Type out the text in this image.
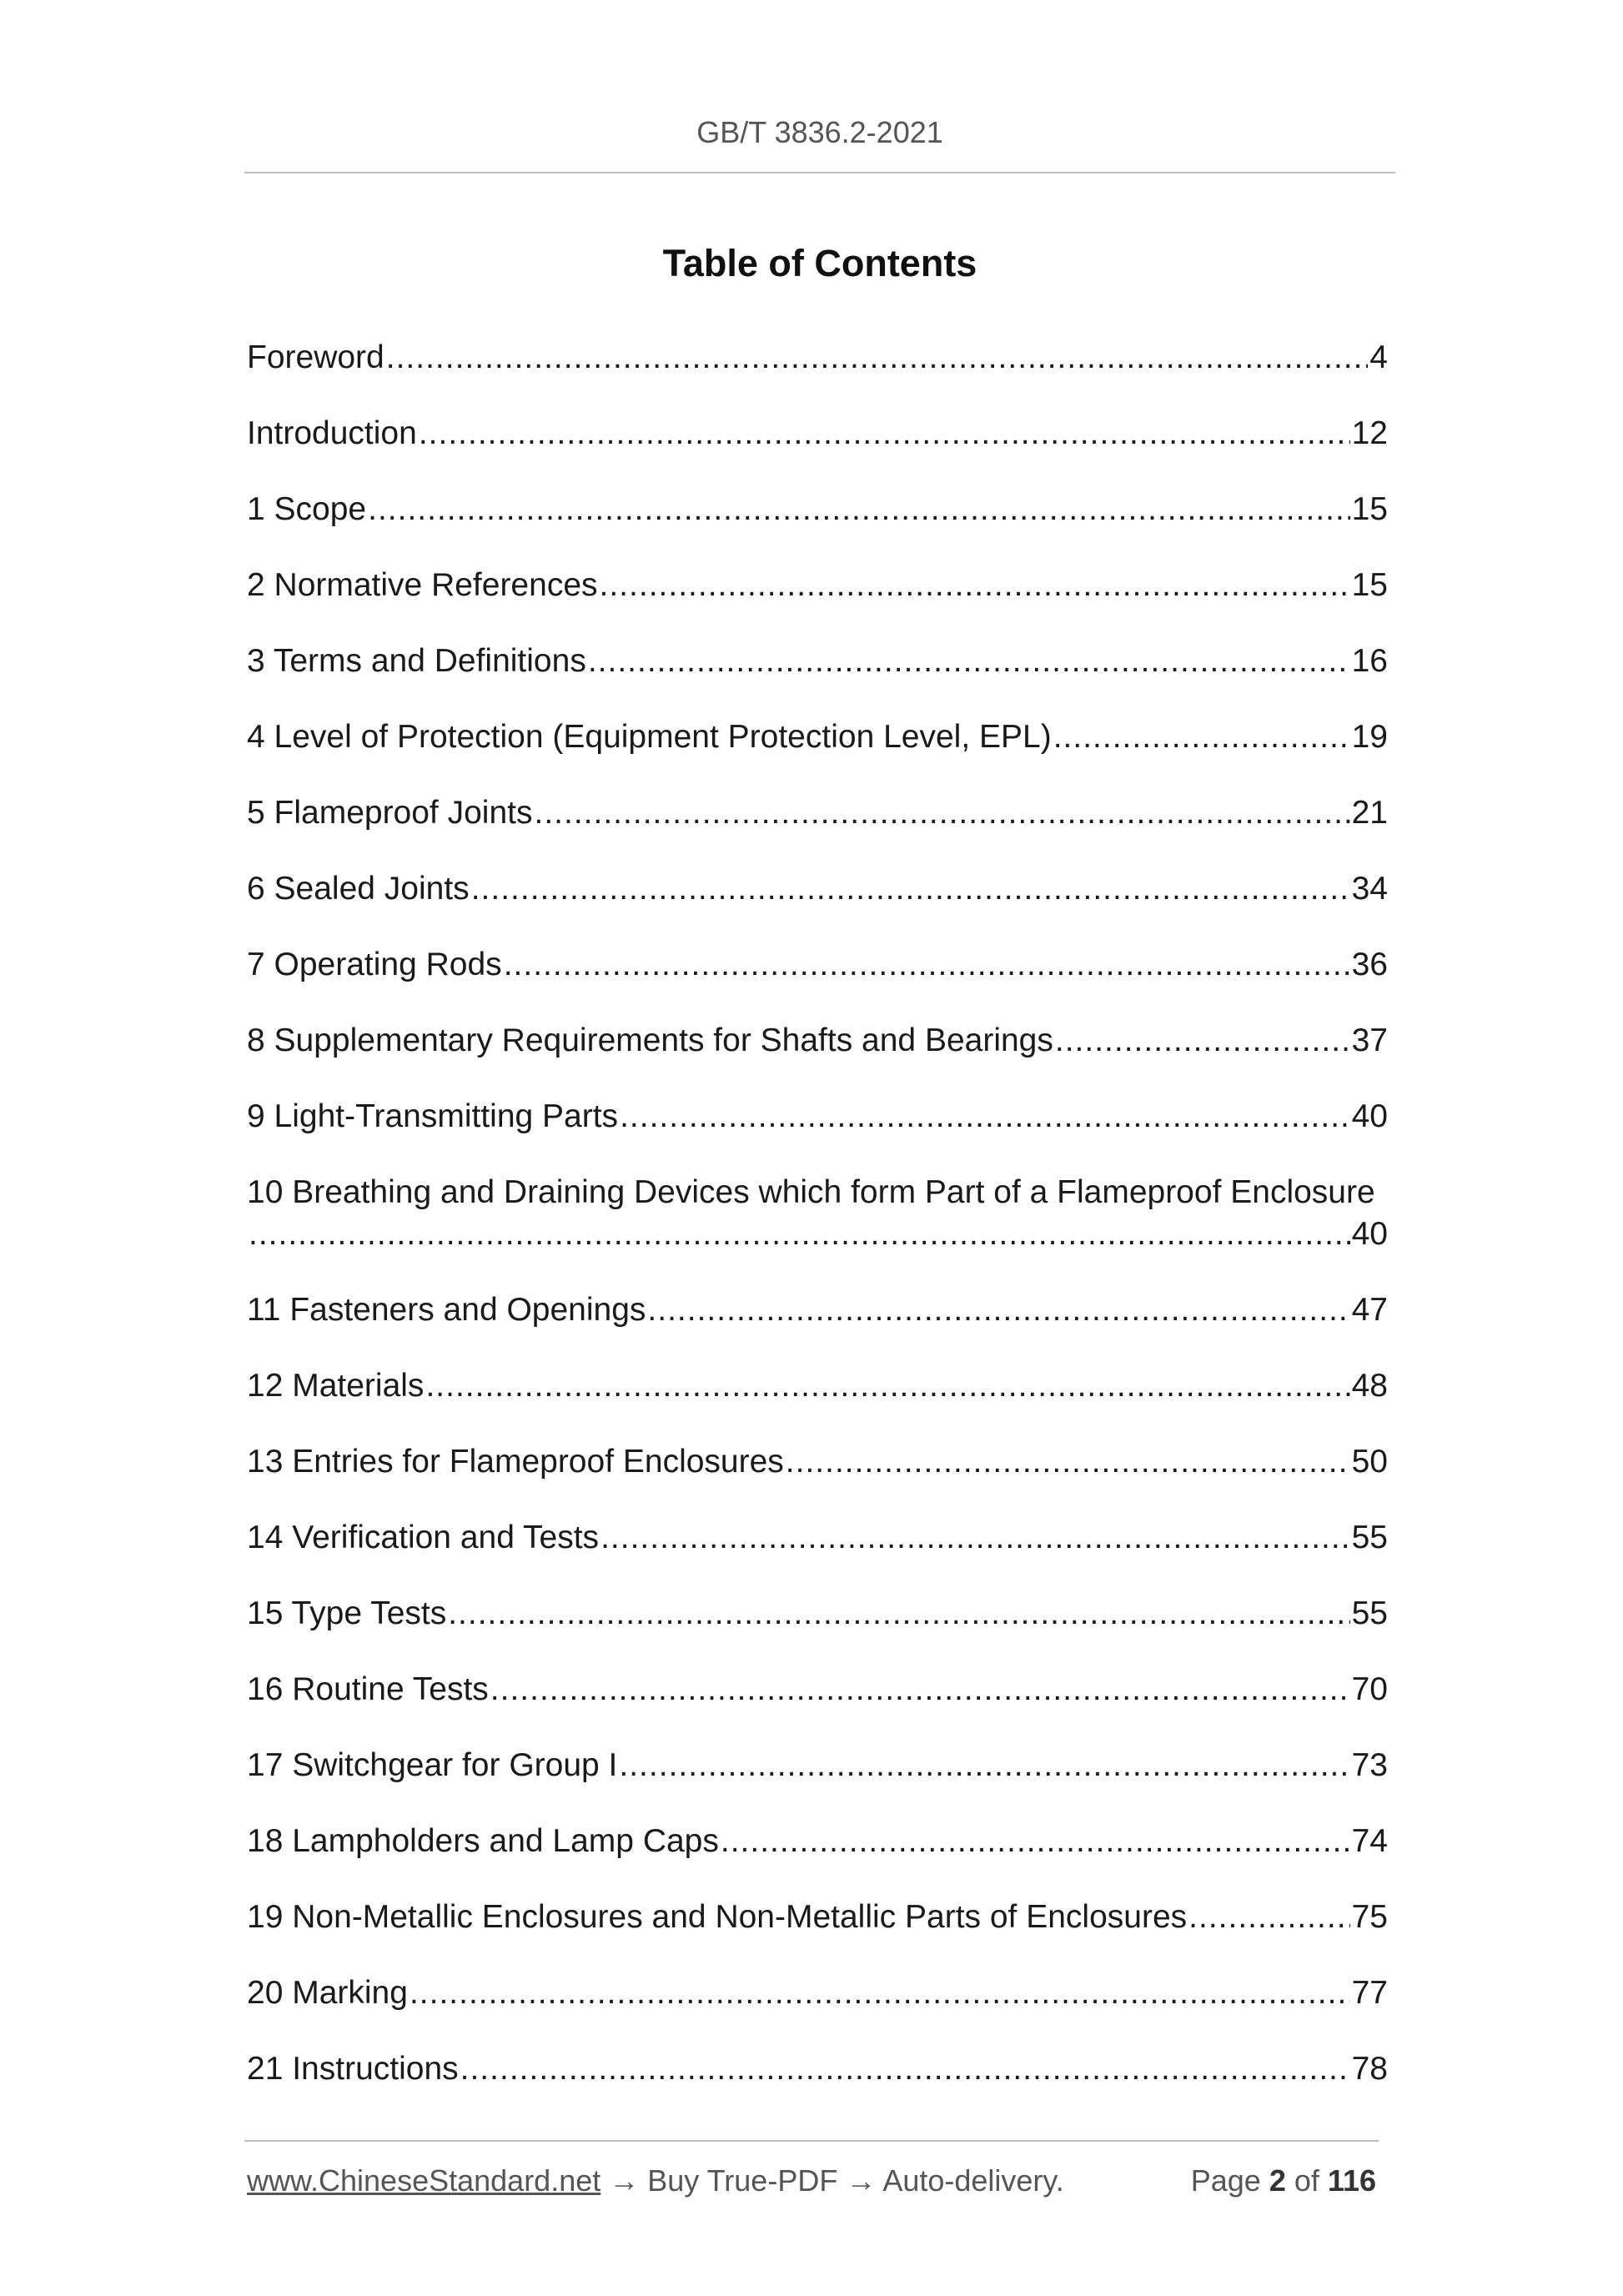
GB/T 3836.2-2021
Table of Contents
Foreword .....	4
Introduction .....	12
1 Scope .....	15
2 Normative References .....	15
3 Terms and Definitions .....	16
4 Level of Protection (Equipment Protection Level, EPL) .....	19
5 Flameproof Joints .....	21
6 Sealed Joints .....	34
7 Operating Rods .....	36
8 Supplementary Requirements for Shafts and Bearings .....	37
9 Light-Transmitting Parts .....	40
10 Breathing and Draining Devices which form Part of a Flameproof Enclosure
.....
40
11 Fasteners and Openings .....	47
12 Materials .....	48
13 Entries for Flameproof Enclosures .....	50
14 Verification and Tests .....	55
15 Type Tests .....	55
16 Routine Tests .....	70
17 Switchgear for Group I .....	73
18 Lampholders and Lamp Caps .....	74
19 Non-Metallic Enclosures and Non-Metallic Parts of Enclosures .....	75
20 Marking .....	77
21 Instructions .....	78
www.ChineseStandard.net → Buy True-PDF → Auto-delivery.	Page 2 of 116
